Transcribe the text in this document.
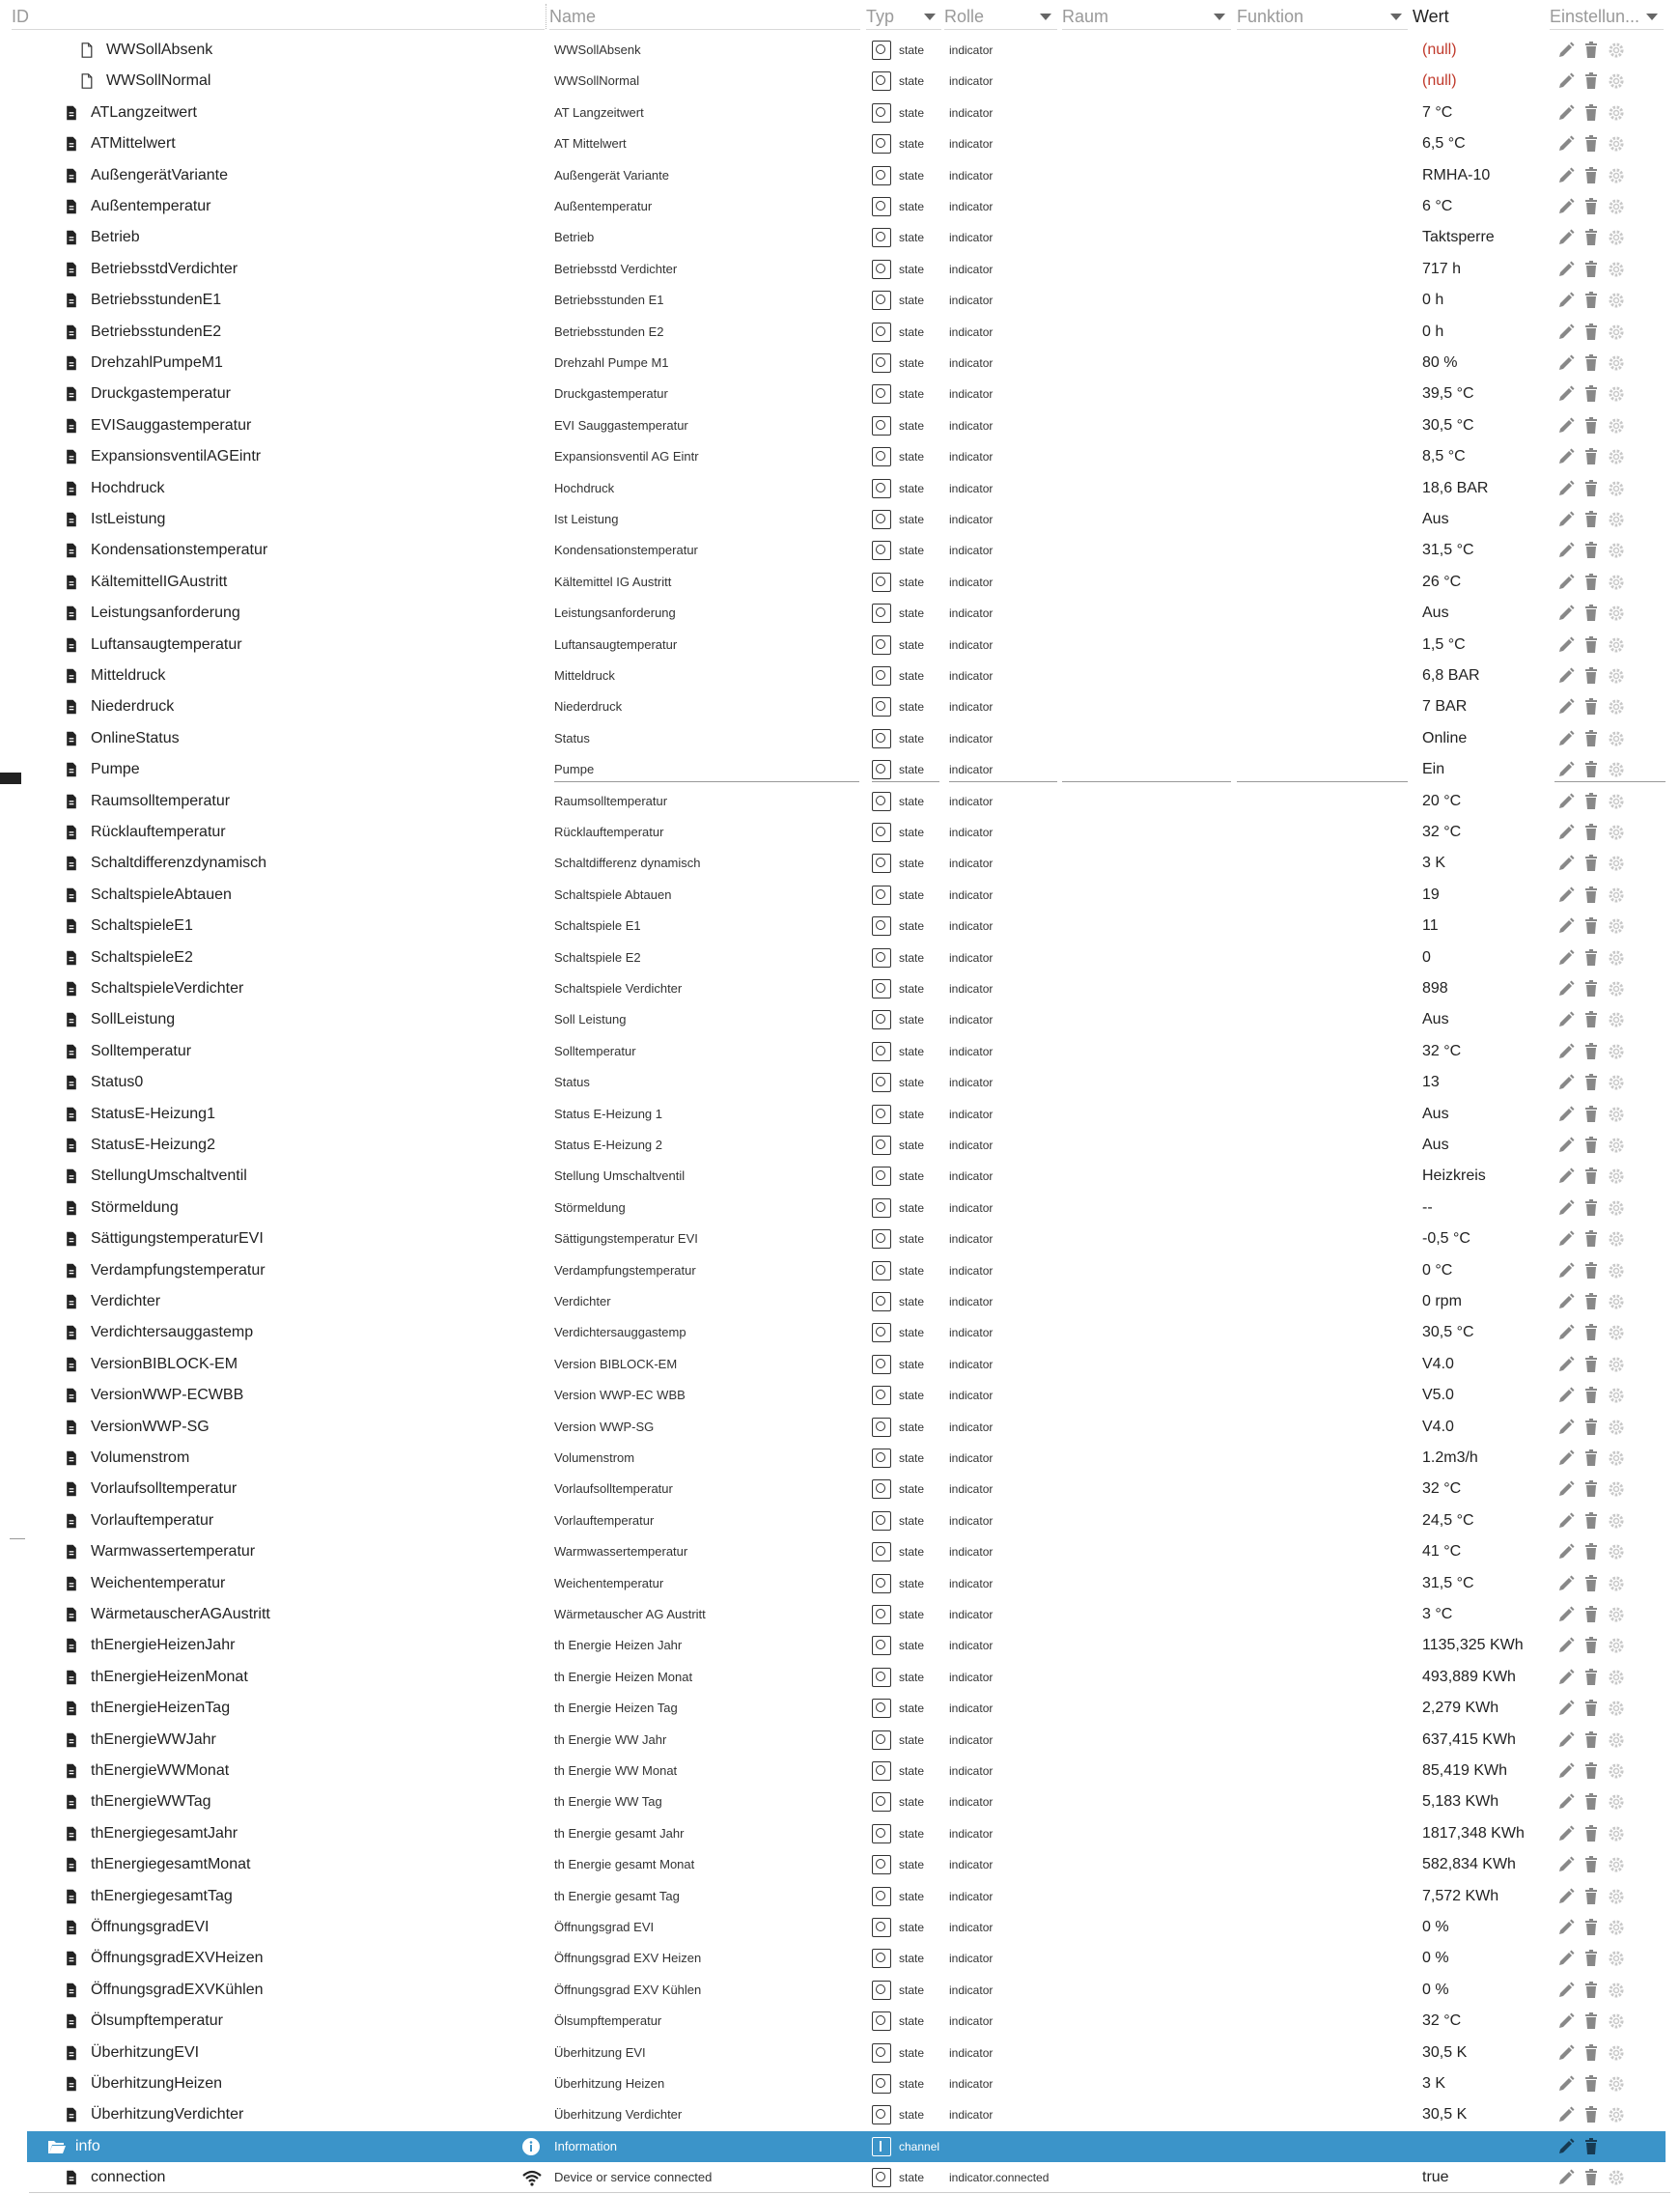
ID	Name	Typ	Rolle	Raum	Funktion	Wert	Einstellun...
WWSollAbsenk	WWSollAbsenk	state indicator	(null)
WWSollNormal	WWSollNormal	state indicator	(null)
ATLangzeitwert	AT Langzeitwert	state indicator	7 °C
ATMittelwert	AT Mittelwert	state indicator	6,5 °C
AußengerätVariante	Außengerät Variante	state indicator	RMHA-10
Außentemperatur	Außentemperatur	state indicator	6 °C
Betrieb	Betrieb	state indicator	Taktsperre
BetriebsstdVerdichter	Betriebsstd Verdichter	state indicator	717 h
BetriebsstundenE1	Betriebsstunden E1	state indicator	0 h
BetriebsstundenE2	Betriebsstunden E2	state indicator	0 h
DrehzahlPumpeM1	Drehzahl Pumpe M1	state indicator	80 %
Druckgastemperatur	Druckgastemperatur	state indicator	39,5 °C
EVISauggastemperatur	EVI Sauggastemperatur	state indicator	30,5 °C
ExpansionsventilAGEintr	Expansionsventil AG Eintr	state indicator	8,5 °C
Hochdruck	Hochdruck	state indicator	18,6 BAR
IstLeistung	Ist Leistung	state indicator	Aus
Kondensationstemperatur	Kondensationstemperatur	state indicator	31,5 °C
KältemittelIGAustritt	Kältemittel IG Austritt	state indicator	26 °C
Leistungsanforderung	Leistungsanforderung	state indicator	Aus
Luftansaugtemperatur	Luftansaugtemperatur	state indicator	1,5 °C
Mitteldruck	Mitteldruck	state indicator	6,8 BAR
Niederdruck	Niederdruck	state indicator	7 BAR
OnlineStatus	Status	state indicator	Online
Pumpe	Pumpe	state indicator	Ein
Raumsolltemperatur	Raumsolltemperatur	state indicator	20 °C
Rücklauftemperatur	Rücklauftemperatur	state indicator	32 °C
Schaltdifferenzdynamisch	Schaltdifferenz dynamisch	state indicator	3 K
SchaltspieleAbtauen	Schaltspiele Abtauen	state indicator	19
SchaltspieleE1	Schaltspiele E1	state indicator	11
SchaltspieleE2	Schaltspiele E2	state indicator	0
SchaltspieleVerdichter	Schaltspiele Verdichter	state indicator	898
SollLeistung	Soll Leistung	state indicator	Aus
Solltemperatur	Solltemperatur	state indicator	32 °C
Status0	Status	state indicator	13
StatusE-Heizung1	Status E-Heizung 1	state indicator	Aus
StatusE-Heizung2	Status E-Heizung 2	state indicator	Aus
StellungUmschaltventil	Stellung Umschaltventil	state indicator	Heizkreis
Störmeldung	Störmeldung	state indicator	--
SättigungstemperaturEVI	Sättigungstemperatur EVI	state indicator	-0,5 °C
Verdampfungstemperatur	Verdampfungstemperatur	state indicator	0 °C
Verdichter	Verdichter	state indicator	0 rpm
Verdichtersauggastemp	Verdichtersauggastemp	state indicator	30,5 °C
VersionBIBLOCK-EM	Version BIBLOCK-EM	state indicator	V4.0
VersionWWP-ECWBB	Version WWP-EC WBB	state indicator	V5.0
VersionWWP-SG	Version WWP-SG	state indicator	V4.0
Volumenstrom	Volumenstrom	state indicator	1.2m3/h
Vorlaufsolltemperatur	Vorlaufsolltemperatur	state indicator	32 °C
Vorlauftemperatur	Vorlauftemperatur	state indicator	24,5 °C
Warmwassertemperatur	Warmwassertemperatur	state indicator	41 °C
Weichentemperatur	Weichentemperatur	state indicator	31,5 °C
WärmetauscherAGAustritt	Wärmetauscher AG Austritt	state indicator	3 °C
thEnergieHeizenJahr	th Energie Heizen Jahr	state indicator	1135,325 KWh
thEnergieHeizenMonat	th Energie Heizen Monat	state indicator	493,889 KWh
thEnergieHeizenTag	th Energie Heizen Tag	state indicator	2,279 KWh
thEnergieWWJahr	th Energie WW Jahr	state indicator	637,415 KWh
thEnergieWWMonat	th Energie WW Monat	state indicator	85,419 KWh
thEnergieWWTag	th Energie WW Tag	state indicator	5,183 KWh
thEnergiegesamtJahr	th Energie gesamt Jahr	state indicator	1817,348 KWh
thEnergiegesamtMonat	th Energie gesamt Monat	state indicator	582,834 KWh
thEnergiegesamtTag	th Energie gesamt Tag	state indicator	7,572 KWh
ÖffnungsgradEVI	Öffnungsgrad EVI	state indicator	0 %
ÖffnungsgradEXVHeizen	Öffnungsgrad EXV Heizen	state indicator	0 %
ÖffnungsgradEXVKühlen	Öffnungsgrad EXV Kühlen	state indicator	0 %
Ölsumpftemperatur	Ölsumpftemperatur	state indicator	32 °C
ÜberhitzungEVI	Überhitzung EVI	state indicator	30,5 K
ÜberhitzungHeizen	Überhitzung Heizen	state indicator	3 K
ÜberhitzungVerdichter	Überhitzung Verdichter	state indicator	30,5 K
info	Information	channel
connection	Device or service connected	state indicator.connected	true
